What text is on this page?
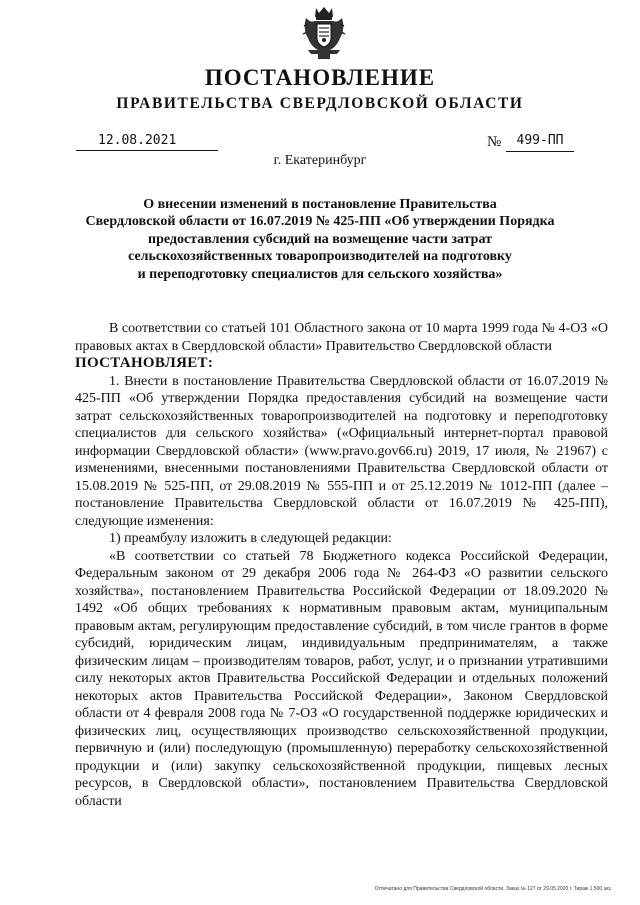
ПОСТАНОВЛЕНИЕ
ПРАВИТЕЛЬСТВА СВЕРДЛОВСКОЙ ОБЛАСТИ
12.08.2021	№	499-ПП
г. Екатеринбург
О внесении изменений в постановление Правительства
Свердловской области от 16.07.2019 № 425-ПП «Об утверждении Порядка
предоставления субсидий на возмещение части затрат
сельскохозяйственных товаропроизводителей на подготовку
и переподготовку специалистов для сельского хозяйства»

В соответствии со статьей 101 Областного закона от 10 марта 1999 года № 4-ОЗ «О правовых актах в Свердловской области» Правительство Свердловской области

ПОСТАНОВЛЯЕТ:

1. Внести в постановление Правительства Свердловской области от 16.07.2019 № 425-ПП «Об утверждении Порядка предоставления субсидий на возмещение части затрат сельскохозяйственных товаропроизводителей на подготовку и переподготовку специалистов для сельского хозяйства» («Официальный интернет-портал правовой информации Свердловской области» (www.pravo.gov66.ru) 2019, 17 июля, № 21967) с изменениями, внесенными постановлениями Правительства Свердловской области от 15.08.2019 № 525-ПП, от 29.08.2019 № 555-ПП и от 25.12.2019 № 1012-ПП (далее – постановление Правительства Свердловской области от 16.07.2019 № 425-ПП), следующие изменения:

1) преамбулу изложить в следующей редакции:

«В соответствии со статьей 78 Бюджетного кодекса Российской Федерации, Федеральным законом от 29 декабря 2006 года № 264-ФЗ «О развитии сельского хозяйства», постановлением Правительства Российской Федерации от 18.09.2020 № 1492 «Об общих требованиях к нормативным правовым актам, муниципальным правовым актам, регулирующим предоставление субсидий, в том числе грантов в форме субсидий, юридическим лицам, индивидуальным предпринимателям, а также физическим лицам – производителям товаров, работ, услуг, и о признании утратившими силу некоторых актов Правительства Российской Федерации и отдельных положений некоторых актов Правительства Российской Федерации», Законом Свердловской области от 4 февраля 2008 года № 7-ОЗ «О государственной поддержке юридических и физических лиц, осуществляющих производство сельскохозяйственной продукции, первичную и (или) последующую (промышленную) переработку сельскохозяйственной продукции и (или) закупку сельскохозяйственной продукции, пищевых лесных ресурсов, в Свердловской области», постановлением Правительства Свердловской области

Отпечатано для Правительства Свердловской области. Заказ № 127 от 29.05.2020 г. Тираж 1 500 экз.
